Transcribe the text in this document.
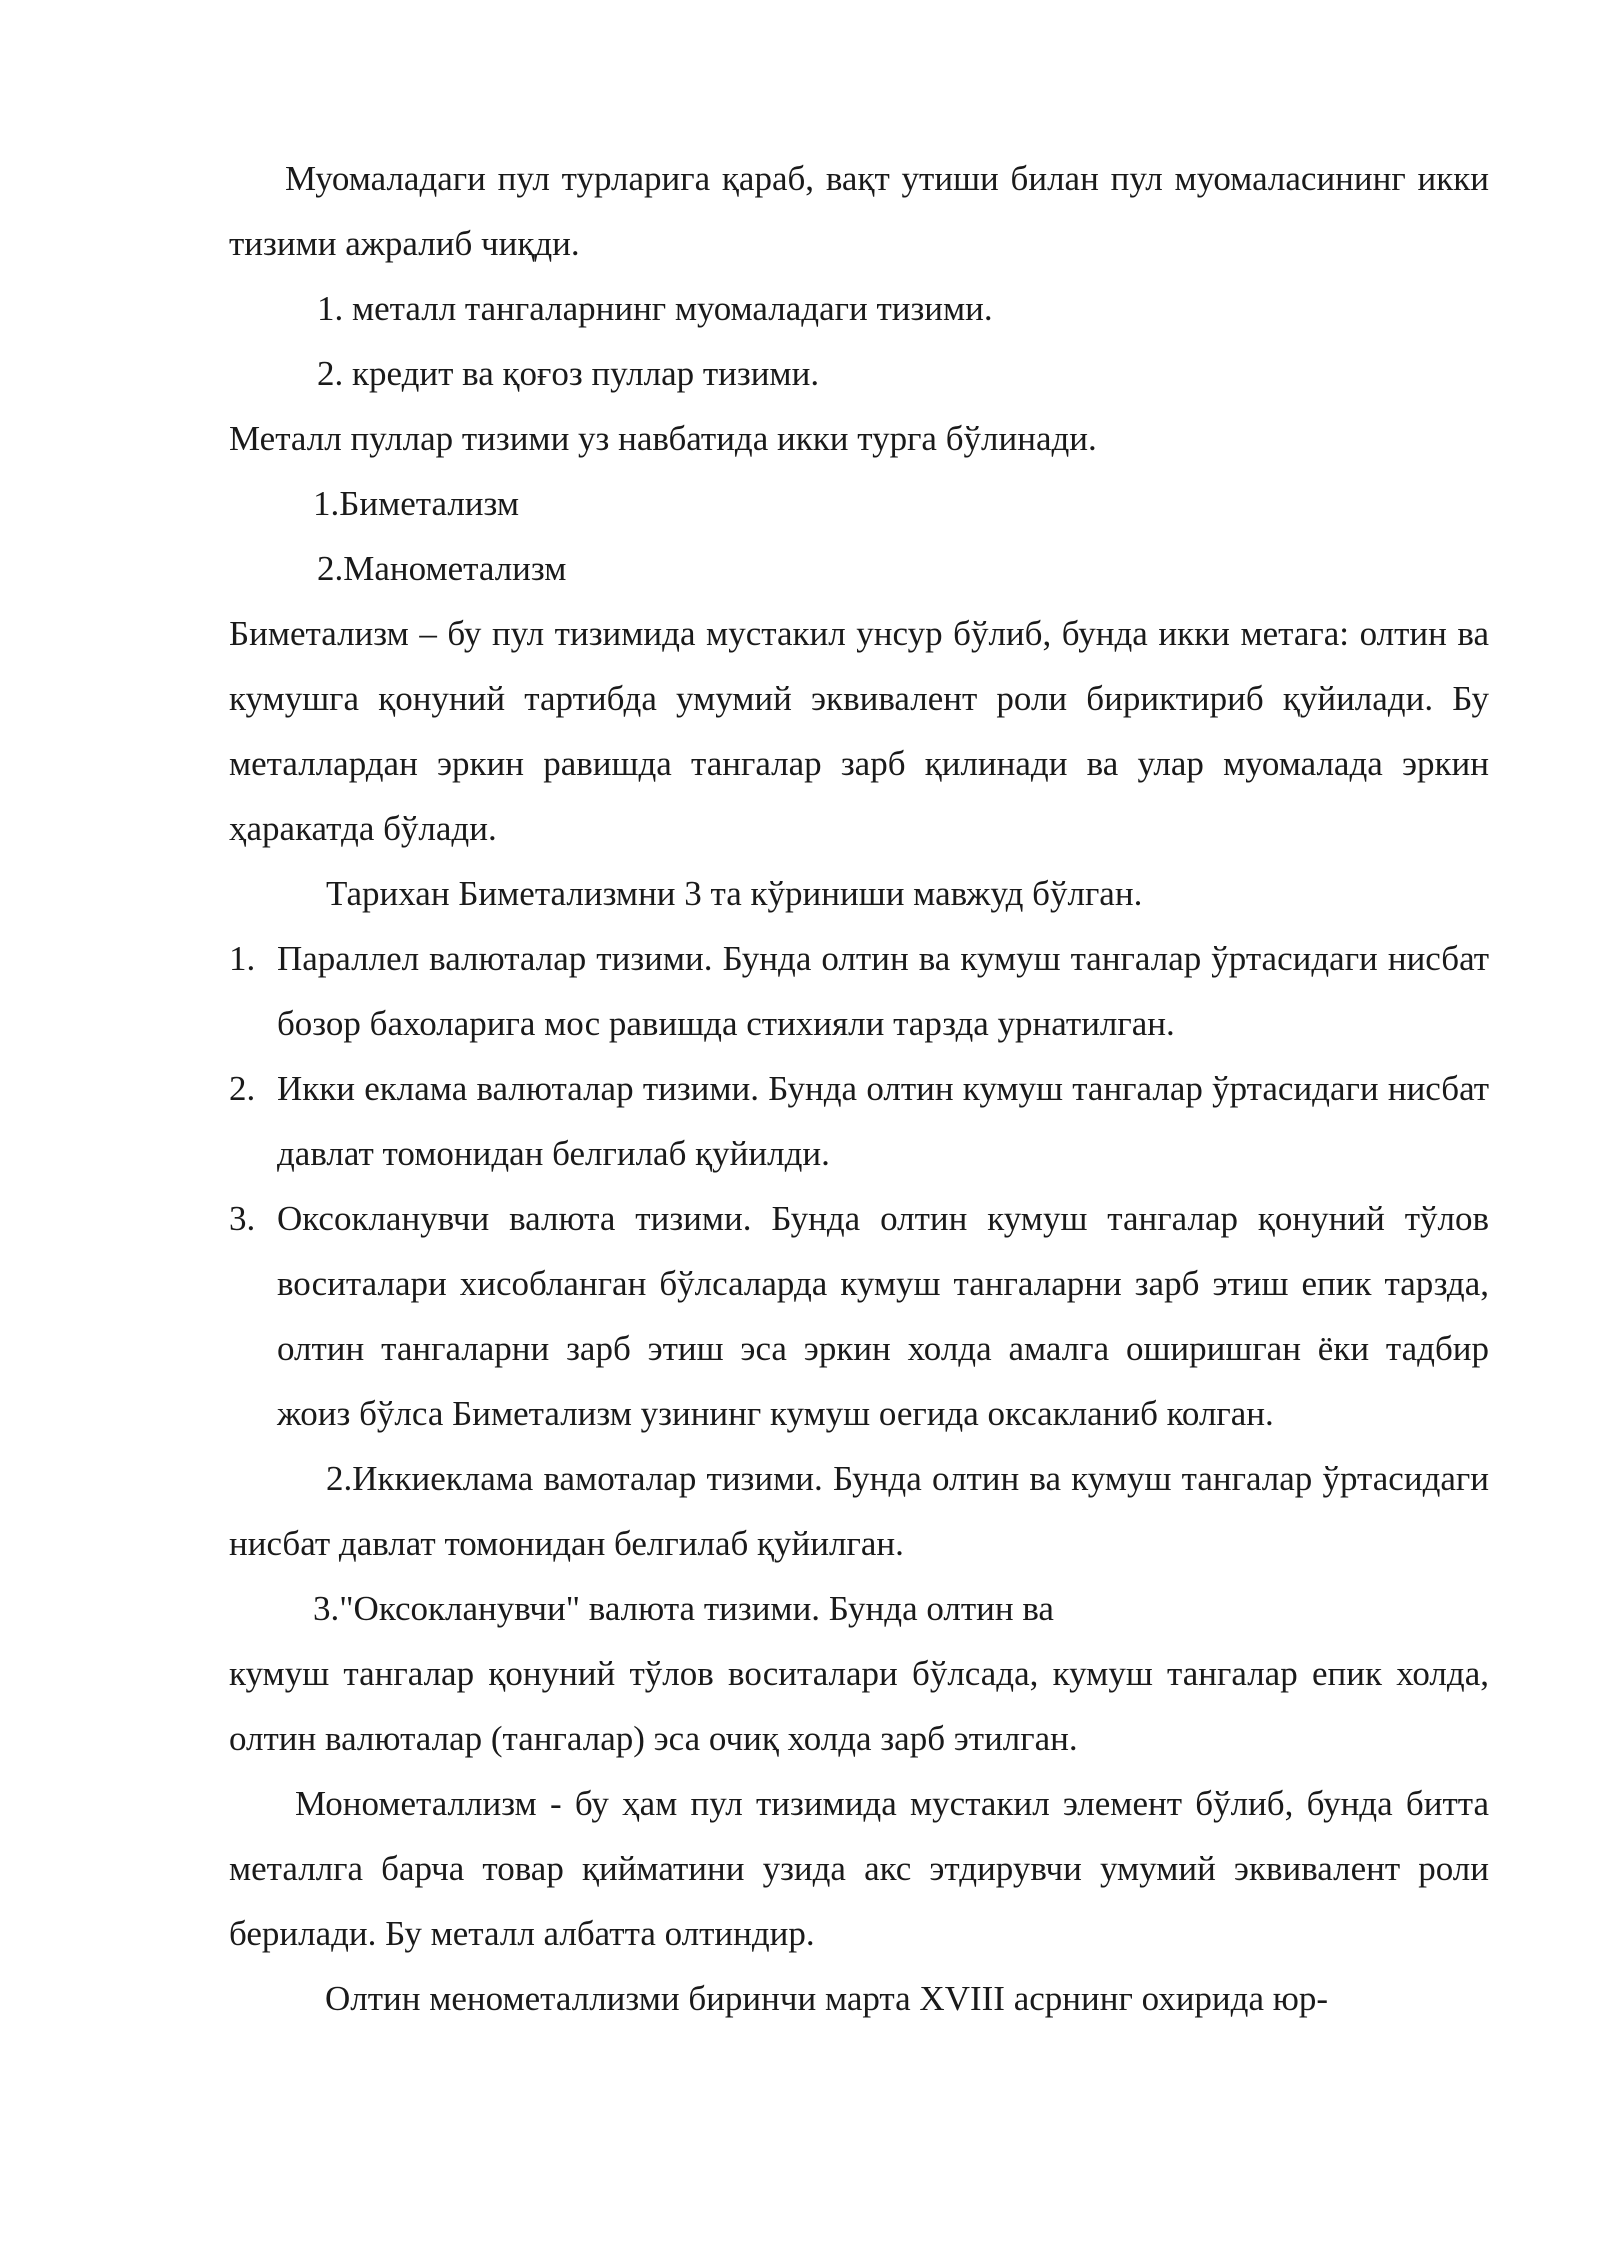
Муомаладаги пул турларига қараб, вақт утиши билан пул муомаласининг икки тизими ажралиб чиқди.

1. металл тангаларнинг муомаладаги тизими.

2. кредит ва қоғоз пуллар тизими.

Металл пуллар тизими уз навбатида икки турга бўлинади.

1.Биметализм

2.Манометализм

Биметализм – бу пул тизимида мустакил унсур бўлиб, бунда икки метага: олтин ва кумушга қонуний тартибда умумий эквивалент роли бириктириб қуйилади. Бу металлардан эркин равишда тангалар зарб қилинади ва улар муомалада эркин ҳаракатда бўлади.

Тарихан Биметализмни 3 та кўриниши мавжуд бўлган.

1. Параллел валюталар тизими. Бунда олтин ва кумуш тангалар ўртасидаги нисбат бозор бахоларига мос равишда стихияли тарзда урнатилган.
2. Икки еклама валюталар тизими. Бунда олтин кумуш тангалар ўртасидаги нисбат давлат томонидан белгилаб қуйилди.
3. Оксокланувчи валюта тизими. Бунда олтин кумуш тангалар қонуний тўлов воситалари хисобланган бўлсаларда кумуш тангаларни зарб этиш епик тарзда, олтин тангаларни зарб этиш эса эркин холда амалга оширишган ёки тадбир жоиз бўлса Биметализм узининг кумуш оегида оксакланиб колган.

2.Иккиеклама вамоталар тизими. Бунда олтин ва кумуш тангалар ўртасидаги нисбат давлат томонидан белгилаб қуйилган.

3."Оксокланувчи" валюта тизими. Бунда олтин ва

кумуш тангалар қонуний тўлов воситалари бўлсада, кумуш тангалар епик холда, олтин валюталар (тангалар) эса очиқ холда зарб этилган.

Монометаллизм - бу ҳам пул тизимида мустакил элемент бўлиб, бунда битта металлга барча товар қийматини узида акс этдирувчи умумий эквивалент роли берилади. Бу металл албатта олтиндир.

Олтин менометаллизми биринчи марта XVIII асрнинг охирида юр-
